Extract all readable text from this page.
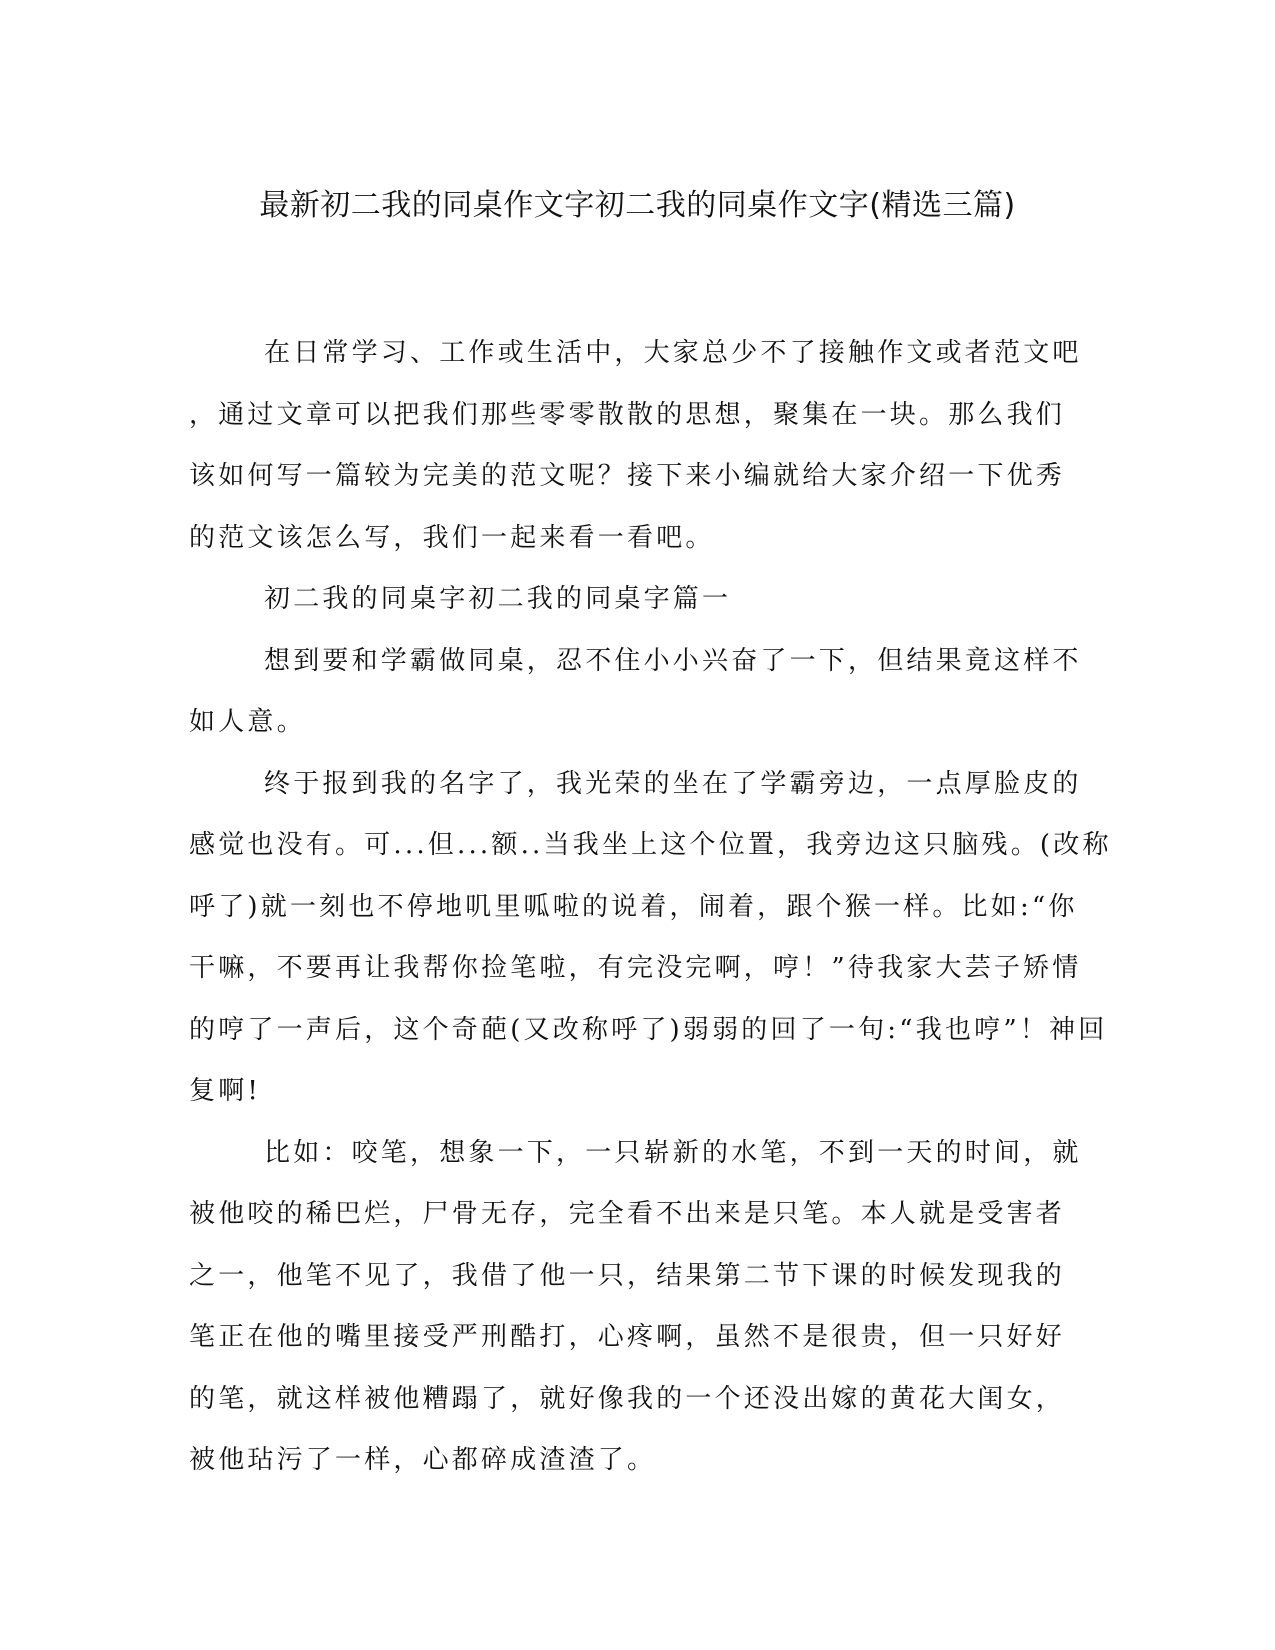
最新初二我的同桌作文字初二我的同桌作文字(精选三篇)
在日常学习、工作或生活中，大家总少不了接触作文或者范文吧
，通过文章可以把我们那些零零散散的思想，聚集在一块。那么我们
该如何写一篇较为完美的范文呢？接下来小编就给大家介绍一下优秀
的范文该怎么写，我们一起来看一看吧。
初二我的同桌字初二我的同桌字篇一
想到要和学霸做同桌，忍不住小小兴奋了一下，但结果竟这样不
如人意。
终于报到我的名字了，我光荣的坐在了学霸旁边，一点厚脸皮的
感觉也没有。可...但...额..当我坐上这个位置，我旁边这只脑残。(改称
呼了)就一刻也不停地叽里呱啦的说着，闹着，跟个猴一样。比如:“你
干嘛，不要再让我帮你捡笔啦，有完没完啊，哼！”待我家大芸子矫情
的哼了一声后，这个奇葩(又改称呼了)弱弱的回了一句:“我也哼”！神回
复啊!
比如：咬笔，想象一下，一只崭新的水笔，不到一天的时间，就
被他咬的稀巴烂，尸骨无存，完全看不出来是只笔。本人就是受害者
之一，他笔不见了，我借了他一只，结果第二节下课的时候发现我的
笔正在他的嘴里接受严刑酷打，心疼啊，虽然不是很贵，但一只好好
的笔，就这样被他糟蹋了，就好像我的一个还没出嫁的黄花大闺女，
被他玷污了一样，心都碎成渣渣了。
